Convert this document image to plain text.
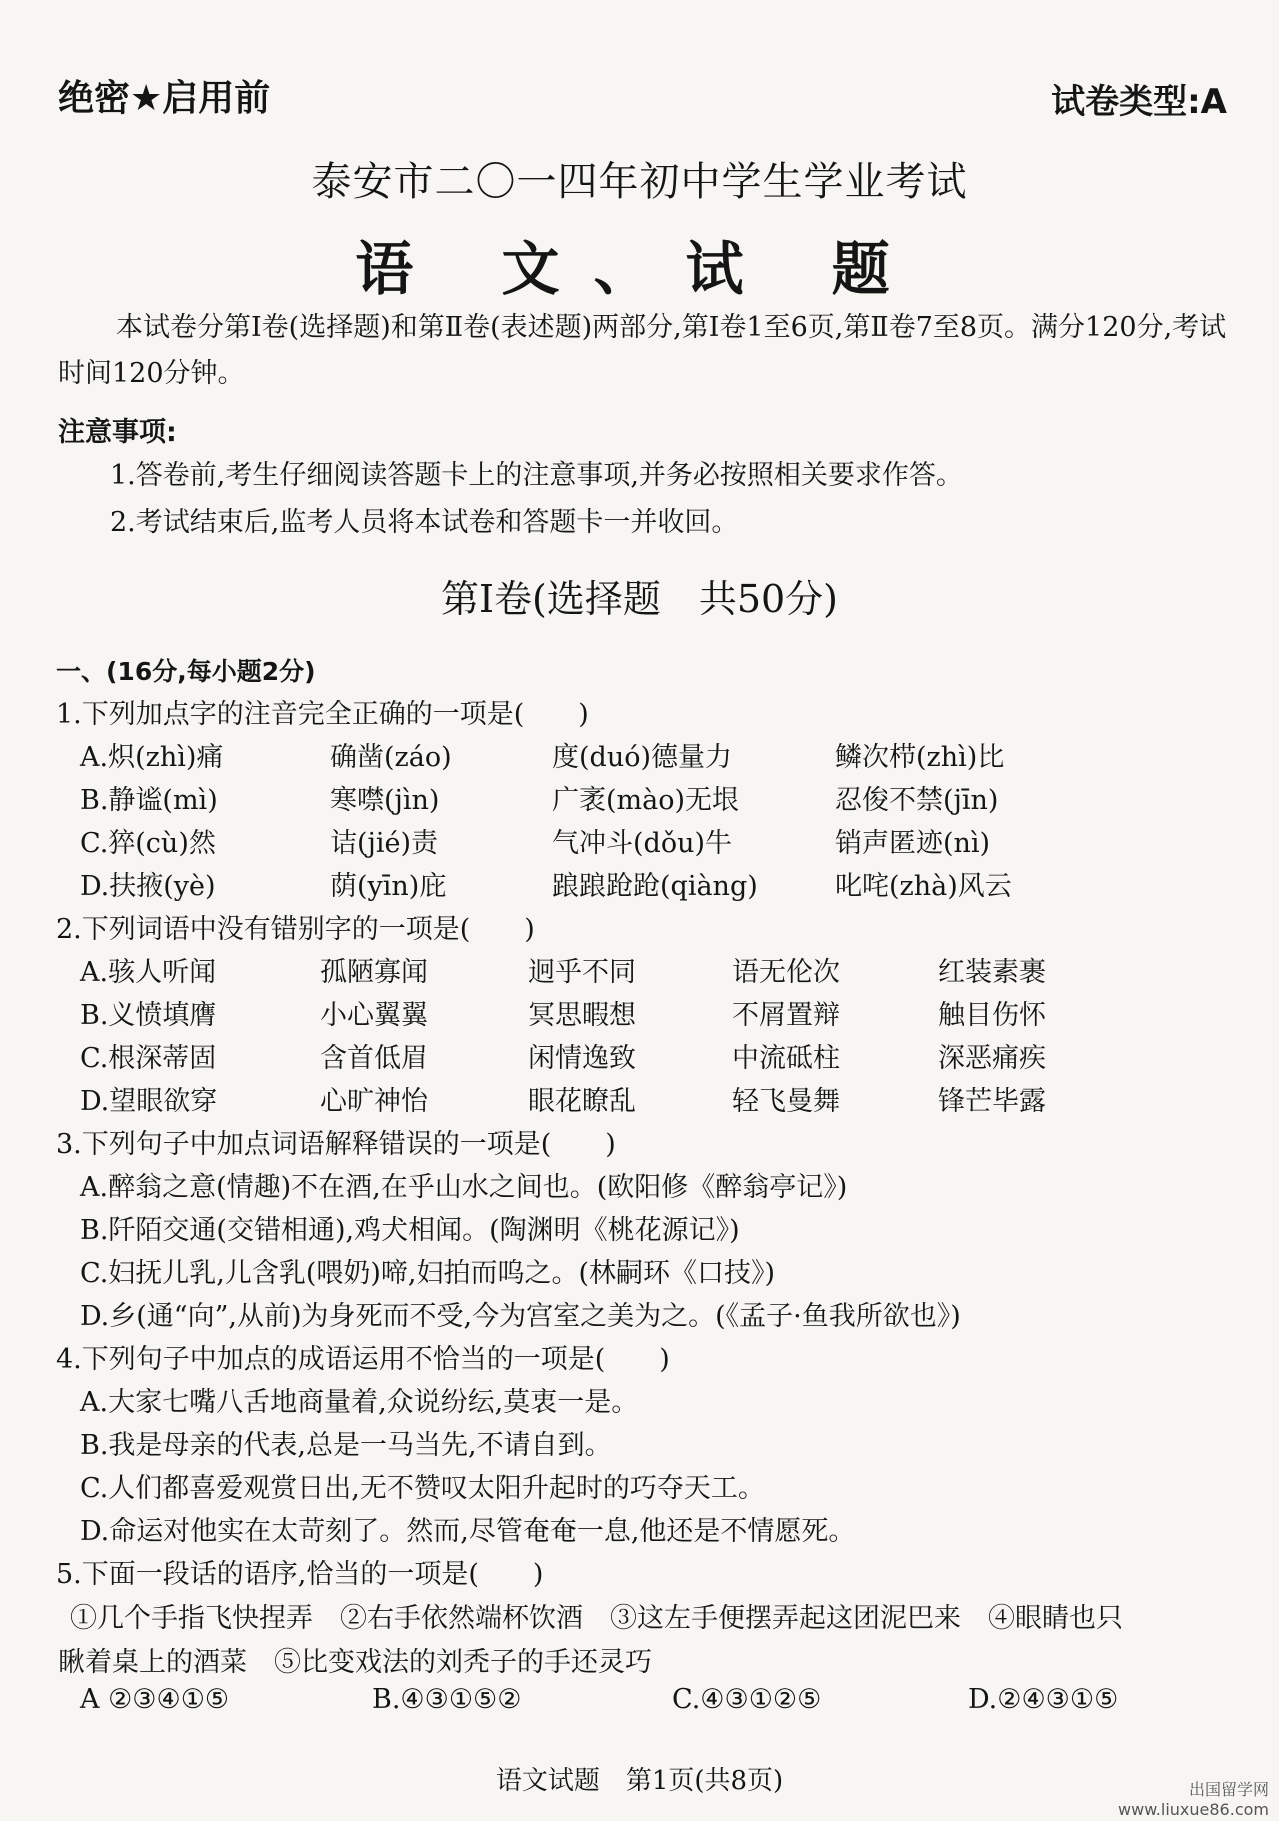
绝密★启用前	试卷类型:A
泰安市二〇一四年初中学生学业考试
语 文、试 题
本试卷分第Ⅰ卷(选择题)和第Ⅱ卷(表述题)两部分,第Ⅰ卷1至6页,第Ⅱ卷7至8页。满分120分,考试时间120分钟。
注意事项:
1.答卷前,考生仔细阅读答题卡上的注意事项,并务必按照相关要求作答。
2.考试结束后,监考人员将本试卷和答题卡一并收回。
第Ⅰ卷(选择题　共50分)
一、(16分,每小题2分)
1.下列加点字的注音完全正确的一项是(　　)
A.炽(zhì)痛	确凿(záo)	度(duó)德量力	鳞次栉(zhì)比
B.静谧(mì)	寒噤(jìn)	广袤(mào)无垠	忍俊不禁(jīn)
C.猝(cù)然	诘(jié)责	气冲斗(dǒu)牛	销声匿迹(nì)
D.扶掖(yè)	荫(yīn)庇	踉踉跄跄(qiàng)	叱咤(zhà)风云
2.下列词语中没有错别字的一项是(　　)
A.骇人听闻	孤陋寡闻	迥乎不同	语无伦次	红装素裹
B.义愤填膺	小心翼翼	冥思暇想	不屑置辩	触目伤怀
C.根深蒂固	含首低眉	闲情逸致	中流砥柱	深恶痛疾
D.望眼欲穿	心旷神怡	眼花瞭乱	轻飞曼舞	锋芒毕露
3.下列句子中加点词语解释错误的一项是(　　)
A.醉翁之意(情趣)不在酒,在乎山水之间也。(欧阳修《醉翁亭记》)
B.阡陌交通(交错相通),鸡犬相闻。(陶渊明《桃花源记》)
C.妇抚儿乳,儿含乳(喂奶)啼,妇拍而呜之。(林嗣环《口技》)
D.乡(通“向”,从前)为身死而不受,今为宫室之美为之。(《孟子·鱼我所欲也》)
4.下列句子中加点的成语运用不恰当的一项是(　　)
A.大家七嘴八舌地商量着,众说纷纭,莫衷一是。
B.我是母亲的代表,总是一马当先,不请自到。
C.人们都喜爱观赏日出,无不赞叹太阳升起时的巧夺天工。
D.命运对他实在太苛刻了。然而,尽管奄奄一息,他还是不情愿死。
5.下面一段话的语序,恰当的一项是(　　)
①几个手指飞快捏弄　②右手依然端杯饮酒　③这左手便摆弄起这团泥巴来　④眼睛也只
瞅着桌上的酒菜　⑤比变戏法的刘秃子的手还灵巧
A ②③④①⑤	B.④③①⑤②	C.④③①②⑤	D.②④③①⑤
语文试题　第1页(共8页)	出国留学网
www.liuxue86.com
